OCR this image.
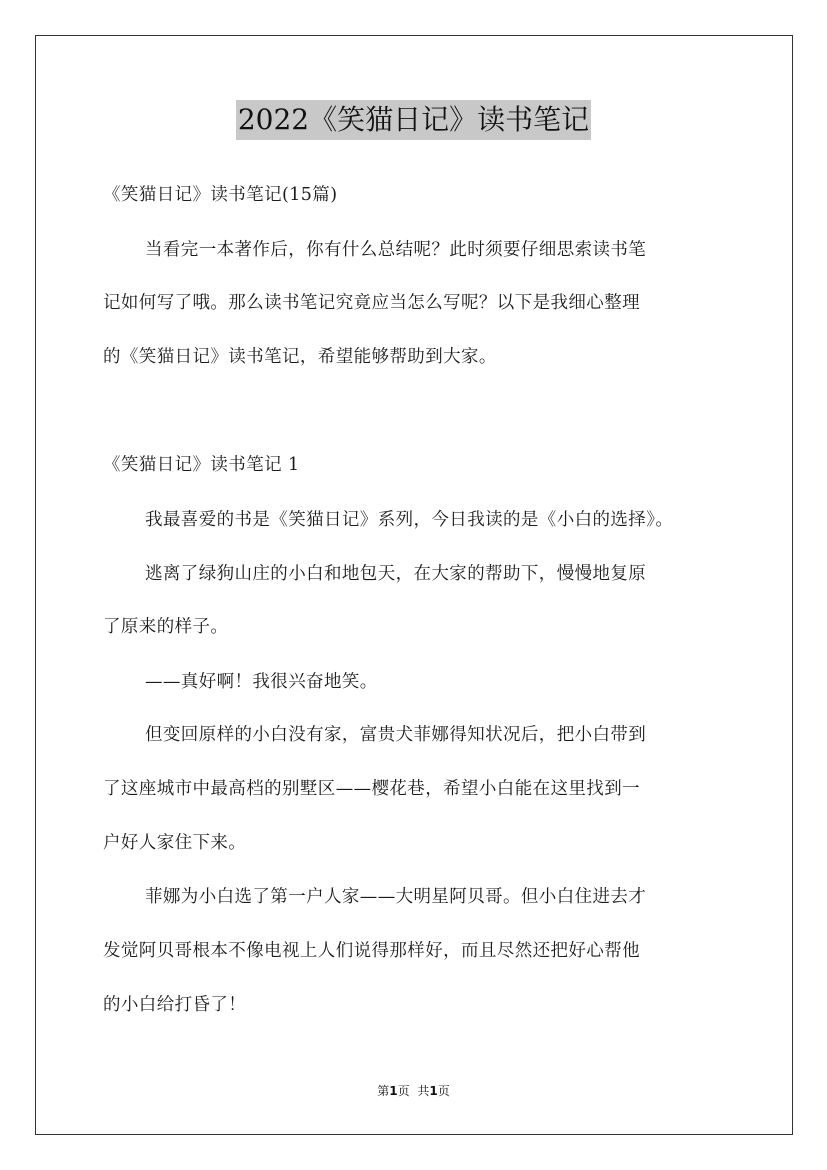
2022《笑猫日记》读书笔记
《笑猫日记》读书笔记(15篇)
当看完一本著作后，你有什么总结呢？此时须要仔细思索读书笔
记如何写了哦。那么读书笔记究竟应当怎么写呢？以下是我细心整理
的《笑猫日记》读书笔记，希望能够帮助到大家。
《笑猫日记》读书笔记 1
我最喜爱的书是《笑猫日记》系列，今日我读的是《小白的选择》。
逃离了绿狗山庄的小白和地包天，在大家的帮助下，慢慢地复原
了原来的样子。
——真好啊！我很兴奋地笑。
但变回原样的小白没有家，富贵犬菲娜得知状况后，把小白带到
了这座城市中最高档的别墅区——樱花巷，希望小白能在这里找到一
户好人家住下来。
菲娜为小白选了第一户人家——大明星阿贝哥。但小白住进去才
发觉阿贝哥根本不像电视上人们说得那样好，而且尽然还把好心帮他
的小白给打昏了！
第1页 共1页
